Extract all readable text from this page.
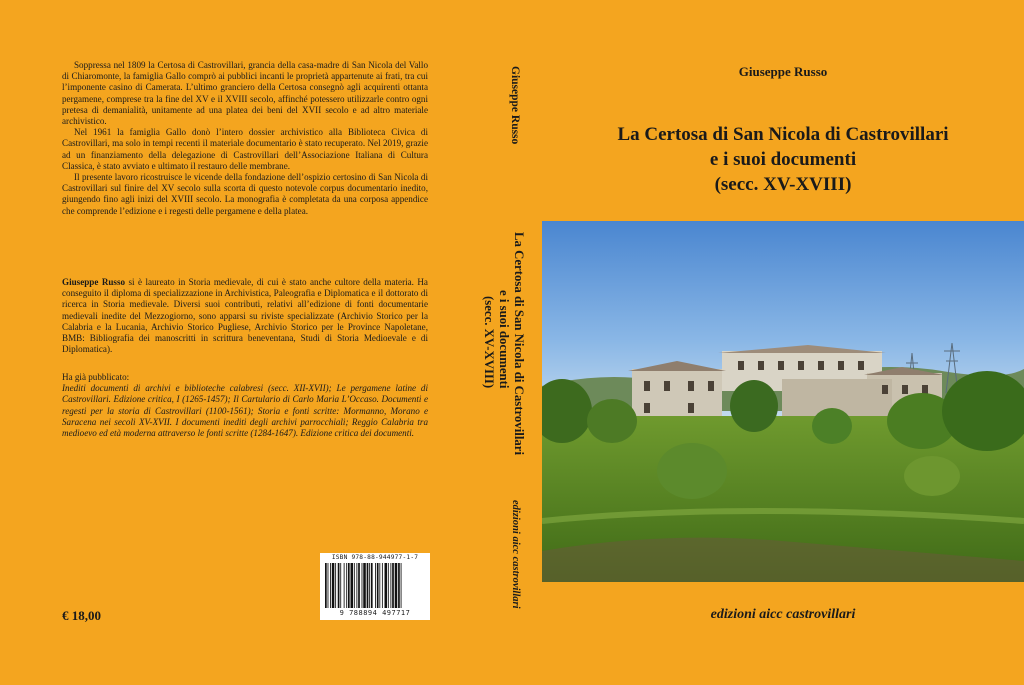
Soppressa nel 1809 la Certosa di Castrovillari, grancia della casa-madre di San Nicola del Vallo di Chiaromonte, la famiglia Gallo comprò ai pubblici incanti le proprietà appartenute ai frati, tra cui l’imponente casino di Camerata. L’ultimo granciero della Certosa consegnò agli acquirenti ottanta pergamene, comprese tra la fine del XV e il XVIII secolo, affinché potessero utilizzarle contro ogni pretesa di demanialità, unitamente ad una platea dei beni del XVII secolo e ad altro materiale archivistico.

Nel 1961 la famiglia Gallo donò l’intero dossier archivistico alla Biblioteca Civica di Castrovillari, ma solo in tempi recenti il materiale documentario è stato recuperato. Nel 2019, grazie ad un finanziamento della delegazione di Castrovillari dell’Associazione Italiana di Cultura Classica, è stato avviato e ultimato il restauro delle membrane.

Il presente lavoro ricostruisce le vicende della fondazione dell’ospizio certosino di San Nicola di Castrovillari sul finire del XV secolo sulla scorta di questo notevole corpus documentario inedito, giungendo fino agli inizi del XVIII secolo. La monografia è completata da una corposa appendice che comprende l’edizione e i regesti delle pergamene e della platea.

Giuseppe Russo si è laureato in Storia medievale, di cui è stato anche cultore della materia. Ha conseguito il diploma di specializzazione in Archivistica, Paleografia e Diplomatica e il dottorato di ricerca in Storia medievale. Diversi suoi contributi, relativi all’edizione di fonti documentarie medievali inedite del Mezzogiorno, sono apparsi su riviste specializzate (Archivio Storico per la Calabria e la Lucania, Archivio Storico Pugliese, Archivio Storico per le Province Napoletane, BMB: Bibliografia dei manoscritti in scrittura beneventana, Studi di Storia Medioevale e di Diplomatica).

Ha già pubblicato:

Inediti documenti di archivi e biblioteche calabresi (secc. XII-XVII); Le pergamene latine di Castrovillari. Edizione critica, I (1265-1457); Il Cartulario di Carlo Maria L’Occaso. Documenti e regesti per la storia di Castrovillari (1100-1561); Storia e fonti scritte: Mormanno, Morano e Saracena nei secoli XV-XVII. I documenti inediti degli archivi parrocchiali; Reggio Calabria tra medioevo ed età moderna attraverso le fonti scritte (1284-1647). Edizione critica dei documenti.

€ 18,00
ISBN 978-88-944977-1-7
9 788894 497717
Giuseppe Russo
La Certosa di San Nicola di Castrovillari
e i suoi documenti
(secc. XV-XVIII)
edizioni aicc castrovillari
Giuseppe Russo
La Certosa di San Nicola di Castrovillari
e i suoi documenti
(secc. XV-XVIII)
edizioni aicc castrovillari
